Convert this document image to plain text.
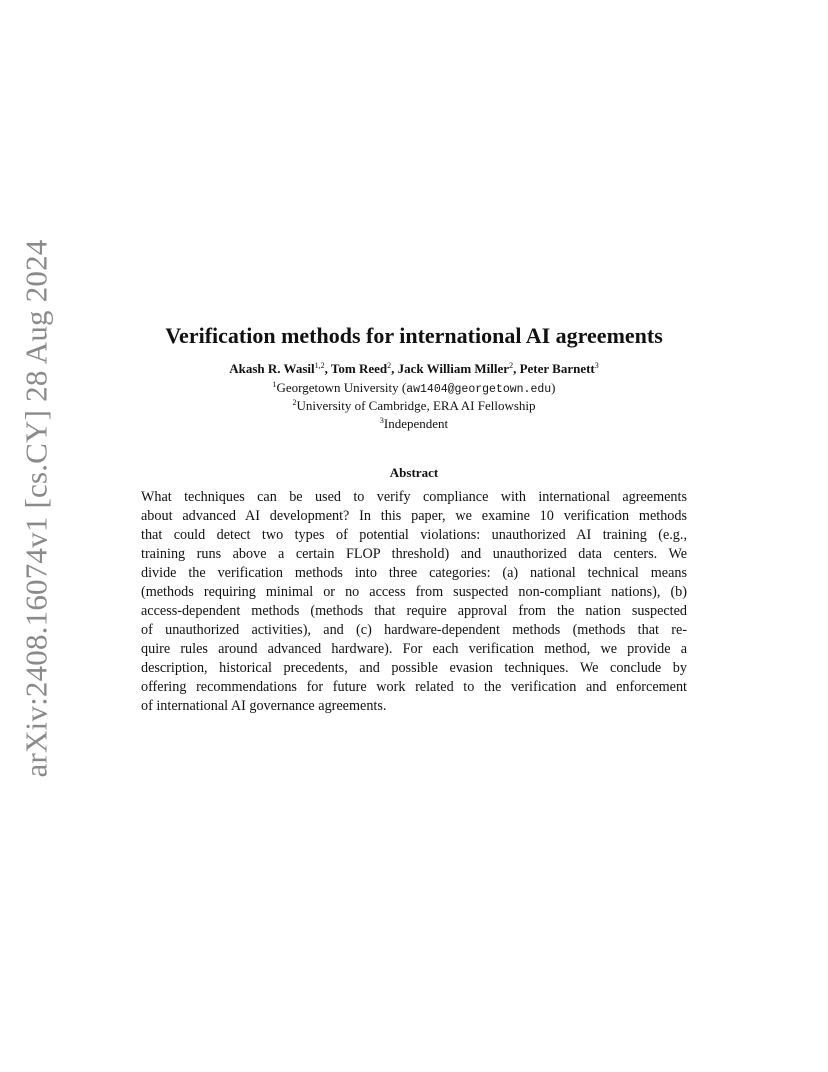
arXiv:2408.16074v1 [cs.CY] 28 Aug 2024	Verification methods for international AI agreements
Akash R. Wasil$^{1,2}$, Tom Reed$^2$, Jack William Miller$^2$, Peter Barnett$^3$
$^1$Georgetown University (aw1404@georgetown.edu)
$^2$University of Cambridge, ERA AI Fellowship
$^3$Independent
Abstract
What techniques can be used to verify compliance with international agreements
about advanced AI development? In this paper, we examine 10 verification methods
that could detect two types of potential violations: unauthorized AI training (e.g.,
training runs above a certain FLOP threshold) and unauthorized data centers. We
divide the verification methods into three categories: (a) national technical means
(methods requiring minimal or no access from suspected non-compliant nations), (b)
access-dependent methods (methods that require approval from the nation suspected
of unauthorized activities), and (c) hardware-dependent methods (methods that re-
quire rules around advanced hardware). For each verification method, we provide a
description, historical precedents, and possible evasion techniques. We conclude by
offering recommendations for future work related to the verification and enforcement
of international AI governance agreements.
